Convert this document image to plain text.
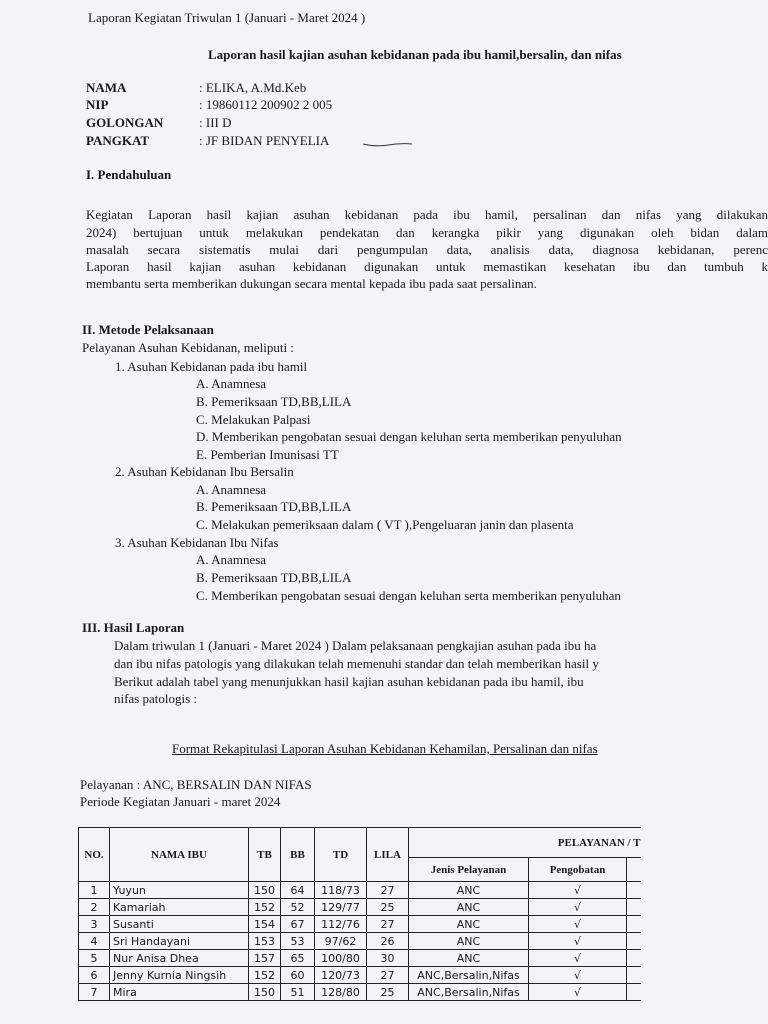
Laporan Kegiatan Triwulan 1 (Januari - Maret 2024 )
Laporan hasil kajian asuhan kebidanan pada ibu hamil,bersalin, dan nifas
NAMA	: ELIKA, A.Md.Keb
NIP	: 19860112 200902 2 005
GOLONGAN	: III D
PANGKAT	: JF BIDAN PENYELIA
I. Pendahuluan
Kegiatan Laporan hasil kajian asuhan kebidanan pada ibu hamil, persalinan dan nifas yang dilakukan
2024) bertujuan untuk melakukan pendekatan dan kerangka pikir yang digunakan oleh bidan dalam
masalah secara sistematis mulai dari pengumpulan data, analisis data, diagnosa kebidanan, perenc
Laporan hasil kajian asuhan kebidanan digunakan untuk memastikan kesehatan ibu dan tumbuh k
membantu serta memberikan dukungan secara mental kepada ibu pada saat persalinan.
II. Metode Pelaksanaan
Pelayanan Asuhan Kebidanan, meliputi :
1. Asuhan Kebidanan pada ibu hamil
A. Anamnesa
B. Pemeriksaan TD,BB,LILA
C. Melakukan Palpasi
D. Memberikan pengobatan sesuai dengan keluhan serta memberikan penyuluhan
E. Pemberian Imunisasi TT
2. Asuhan Kebidanan Ibu Bersalin
A. Anamnesa
B. Pemeriksaan TD,BB,LILA
C. Melakukan pemeriksaan dalam ( VT ),Pengeluaran janin dan plasenta
3. Asuhan Kebidanan Ibu Nifas
A. Anamnesa
B. Pemeriksaan TD,BB,LILA
C. Memberikan pengobatan sesuai dengan keluhan serta memberikan penyuluhan
III. Hasil Laporan
Dalam triwulan 1 (Januari - Maret 2024 ) Dalam pelaksanaan pengkajian asuhan pada ibu ha
dan ibu nifas patologis yang dilakukan telah memenuhi standar dan telah memberikan hasil y
Berikut adalah tabel yang menunjukkan hasil kajian asuhan kebidanan pada ibu hamil, ibu
nifas patologis :
Format Rekapitulasi Laporan Asuhan Kebidanan Kehamilan, Persalinan dan nifas
Pelayanan : ANC, BERSALIN DAN NIFAS
Periode Kegiatan Januari - maret 2024
NO.	NAMA IBU	TB	BB	TD	LILA	PELAYANAN / T		
						Jenis Pelayanan	Pengobatan	
1	Yuyun	150	64	118/73	27	ANC	√	
2	Kamariah	152	52	129/77	25	ANC	√	
3	Susanti	154	67	112/76	27	ANC	√	
4	Sri Handayani	153	53	97/62	26	ANC	√	
5	Nur Anisa Dhea	157	65	100/80	30	ANC	√	
6	Jenny Kurnia Ningsih	152	60	120/73	27	ANC,Bersalin,Nifas	√	
7	Mira	150	51	128/80	25	ANC,Bersalin,Nifas	√	
